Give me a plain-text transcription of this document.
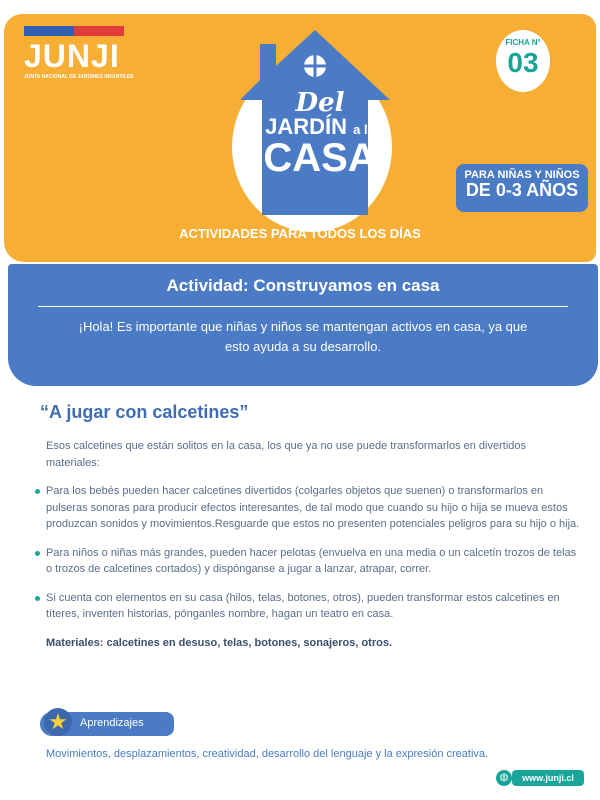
JUNJI
JUNTA NACIONAL DE JARDINES INFANTILES
Del
JARDÍN a la
CASA
FICHA N°
03
PARA NIÑAS Y NIÑOS
DE 0-3 AÑOS
ACTIVIDADES PARA TODOS LOS DÍAS
Actividad: Construyamos en casa

¡Hola! Es importante que niñas y niños se mantengan activos en casa, ya que esto ayuda a su desarrollo.

“A jugar con calcetines”

Esos calcetines que están solitos en la casa, los que ya no use puede transformarlos en divertidos materiales:

Para los bebés pueden hacer calcetines divertidos (colgarles objetos que suenen) o transformarlos en pulseras sonoras para producir efectos interesantes, de tal modo que cuando su hijo o hija se mueva estos produzcan sonidos y movimientos.Resguarde que estos no presenten potenciales peligros para su hijo o hija.
Para niños o niñas más grandes, pueden hacer pelotas (envuelva en una media o un calcetín trozos de telas o trozos de calcetines cortados) y dispónganse a jugar a lanzar, atrapar, correr.
Si cuenta con elementos en su casa (hilos, telas, botones, otros), pueden transformar estos calcetines en títeres, inventen historias, pónganles nombre, hagan un teatro en casa.

Materiales: calcetines en desuso, telas, botones, sonajeros, otros.

Aprendizajes
★
Movimientos, desplazamientos, creatividad, desarrollo del lenguaje y la expresión creativa.
◍	www.junji.cl
